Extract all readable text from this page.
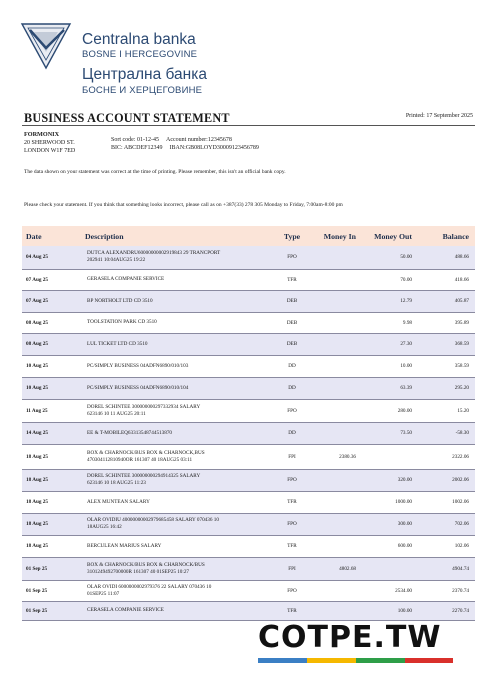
Centralna banka
BOSNE I HERCEGOVINE
Централна банка
БОСНЕ И ХЕРЦЕГОВИНЕ
BUSINESS ACCOUNT STATEMENT	Printed: 17 September 2025
FORMONIX
20 SHERWOOD ST.
LONDON W1F 7ED
Sort code: 01-12-45 Account number:12345678
BIC: ABCDEF12349 IBAN:GB08LOYD30009123456789
The data shown on your statement was correct at the time of printing. Please remember, this isn't an official bank copy.
Please check your statement. If you think that something looks incorrect, please call as on +387(33) 278 305 Monday to Friday, 7:00am-8:00 pm
Date	Description	Type	Money In	Money Out	Balance
04 Aug 25	DUTCA ALEXANDRU60000000002919843 29 TRANCPORT
202941 10:04AUG25 19:22	FPO		50.00	488.66
07 Aug 25	GERASELA COMPANIE SERVICE	TFR		70.00	418.66
07 Aug 25	BP NORTHOLT LTD CD 3510	DEB		12.79	405.87
08 Aug 25	TOOLSTATION PARK CD 3510	DEB		9.98	395.89
08 Aug 25	LUL TICKET LTD CD 3510	DEB		27.30	368.59
10 Aug 25	PC/SIMPLY BUSINESS 04ADFN6890/010/103	DD		10.00	358.59
10 Aug 25	PC/SIMPLY BUSINESS 04ADFN6890/010/104	DD		63.39	295.20
11 Aug 25	DOREL SCHINTEE 300000000297332934 SALARY
623146 10 11 AUG25 20:11	FPO		280.00	15.20
14 Aug 25	EE & T-MOBILEQ63313548744513870	DD		73.50	-58.30
18 Aug 25	BOX & CHARNOCK/BUS BOX & CHARNOCK,BUS
470304112810940OR 161307 40 18AUG25 03:11	FPI	2380.36		2322.06
18 Aug 25	DOREL SCHINTEE 300000000294914325 SALARY
623146 10 18 AUG25 11:23	FPO		320.00	2002.06
18 Aug 25	ALEX MUNTEAN SALARY	TFR		1000.00	1002.06
18 Aug 25	OLAR OVIDIU 40000000002979685458 SALARY 070436 10
18AUG25 16:42	FPO		300.00	702.06
18 Aug 25	BERCULEAN MARIUS SALARY	TFR		600.00	102.06
01 Sep 25	BOX & CHARNOCK/BUS BOX & CHARNOCK/BUS
3101249492700000R 161307 40 01SEP25 10:27	FPI	4802.68		4904.74
01 Sep 25	OLAR OVIDI 6000000002979376 22 SALARY 070436 10
01SEP25 11:07	FPO		2534.00	2370.74
01 Sep 25	CERASELA COMPANIE SERVICE	TFR		100.00	2270.74
COTPE.TW
